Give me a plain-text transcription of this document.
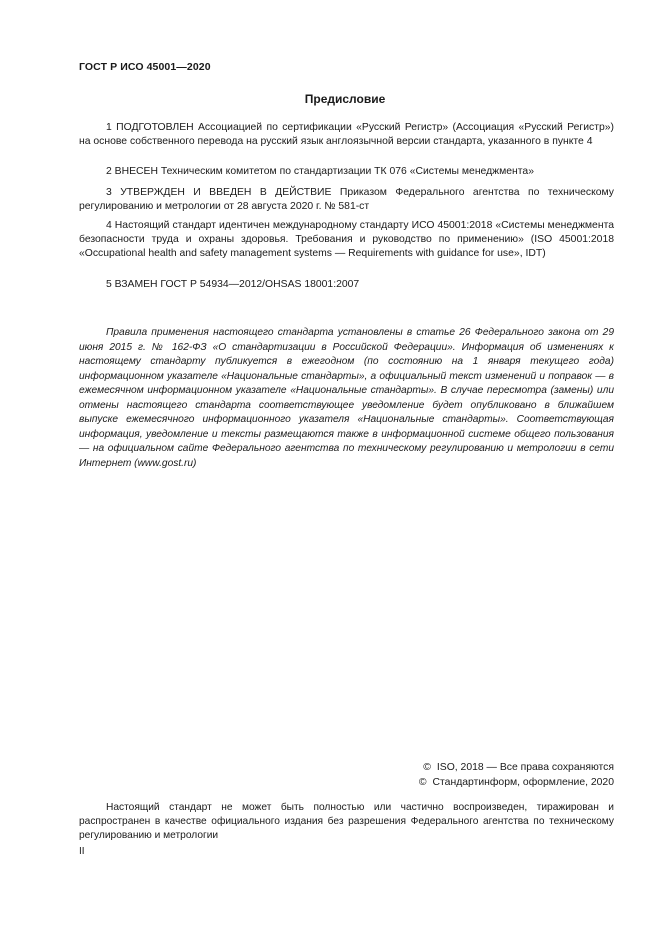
ГОСТ Р ИСО 45001—2020
Предисловие

1 ПОДГОТОВЛЕН Ассоциацией по сертификации «Русский Регистр» (Ассоциация «Русский Регистр») на основе собственного перевода на русский язык англоязычной версии стандарта, указанного в пункте 4

2 ВНЕСЕН Техническим комитетом по стандартизации ТК 076 «Системы менеджмента»

3 УТВЕРЖДЕН И ВВЕДЕН В ДЕЙСТВИЕ Приказом Федерального агентства по техническому регулированию и метрологии от 28 августа 2020 г. № 581-ст

4 Настоящий стандарт идентичен международному стандарту ИСО 45001:2018 «Системы менеджмента безопасности труда и охраны здоровья. Требования и руководство по применению» (ISO 45001:2018 «Occupational health and safety management systems — Requirements with guidance for use», IDT)

5 ВЗАМЕН ГОСТ Р 54934—2012/OHSAS 18001:2007

Правила применения настоящего стандарта установлены в статье 26 Федерального закона от 29 июня 2015 г. № 162-ФЗ «О стандартизации в Российской Федерации». Информация об изменениях к настоящему стандарту публикуется в ежегодном (по состоянию на 1 января текущего года) информационном указателе «Национальные стандарты», а официальный текст изменений и поправок — в ежемесячном информационном указателе «Национальные стандарты». В случае пересмотра (замены) или отмены настоящего стандарта соответствующее уведомление будет опубликовано в ближайшем выпуске ежемесячного информационного указателя «Национальные стандарты». Соответствующая информация, уведомление и тексты размещаются также в информационной системе общего пользования — на официальном сайте Федерального агентства по техническому регулированию и метрологии в сети Интернет (www.gost.ru)

© ISO, 2018 — Все права сохраняются
© Стандартинформ, оформление, 2020

Настоящий стандарт не может быть полностью или частично воспроизведен, тиражирован и распространен в качестве официального издания без разрешения Федерального агентства по техническому регулированию и метрологии

II
